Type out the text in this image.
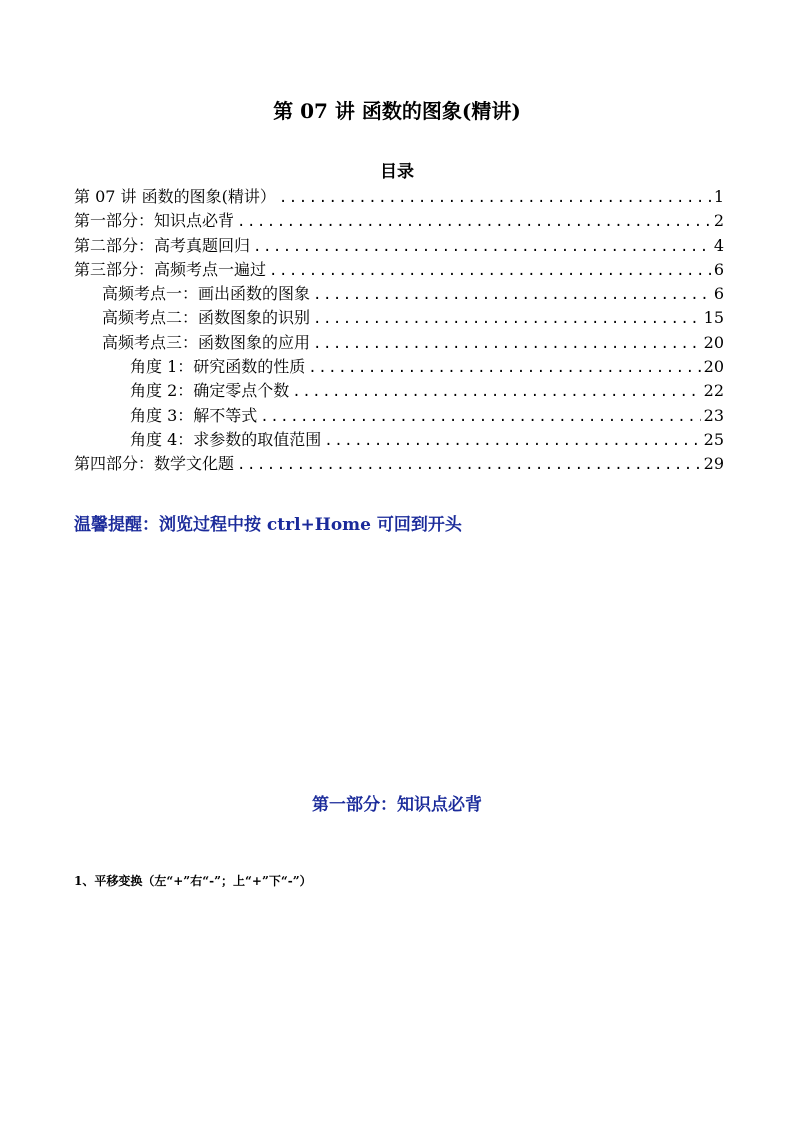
第 07 讲 函数的图象(精讲)
目录
第 07 讲 函数的图象(精讲） .....	1
第一部分：知识点必背 .....	2
第二部分：高考真题回归 .....	4
第三部分：高频考点一遍过 .....	6
高频考点一：画出函数的图象 .....	6
高频考点二：函数图象的识别 .....	15
高频考点三：函数图象的应用 .....	20
角度 1：研究函数的性质 .....	20
角度 2：确定零点个数 .....	22
角度 3：解不等式 .....	23
角度 4：求参数的取值范围 .....	25
第四部分：数学文化题 .....	29
温馨提醒：浏览过程中按 ctrl+Home 可回到开头
第一部分：知识点必背
1、平移变换（左“+”右“-”；上“+”下“-”）
